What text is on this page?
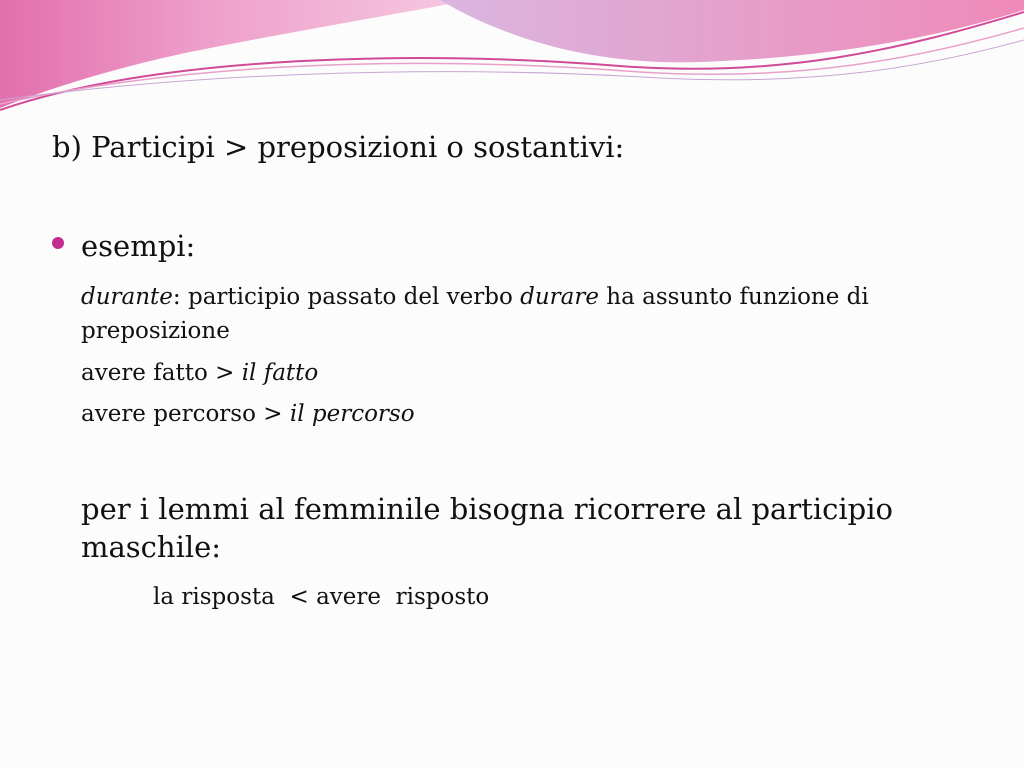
b) Participi > preposizioni o sostantivi:

esempi:

durante: participio passato del verbo durare ha assunto funzione di preposizione

avere fatto > il fatto

avere percorso > il percorso

per i lemmi al femminile bisogna ricorrere al participio maschile:

la risposta  < avere  risposto
